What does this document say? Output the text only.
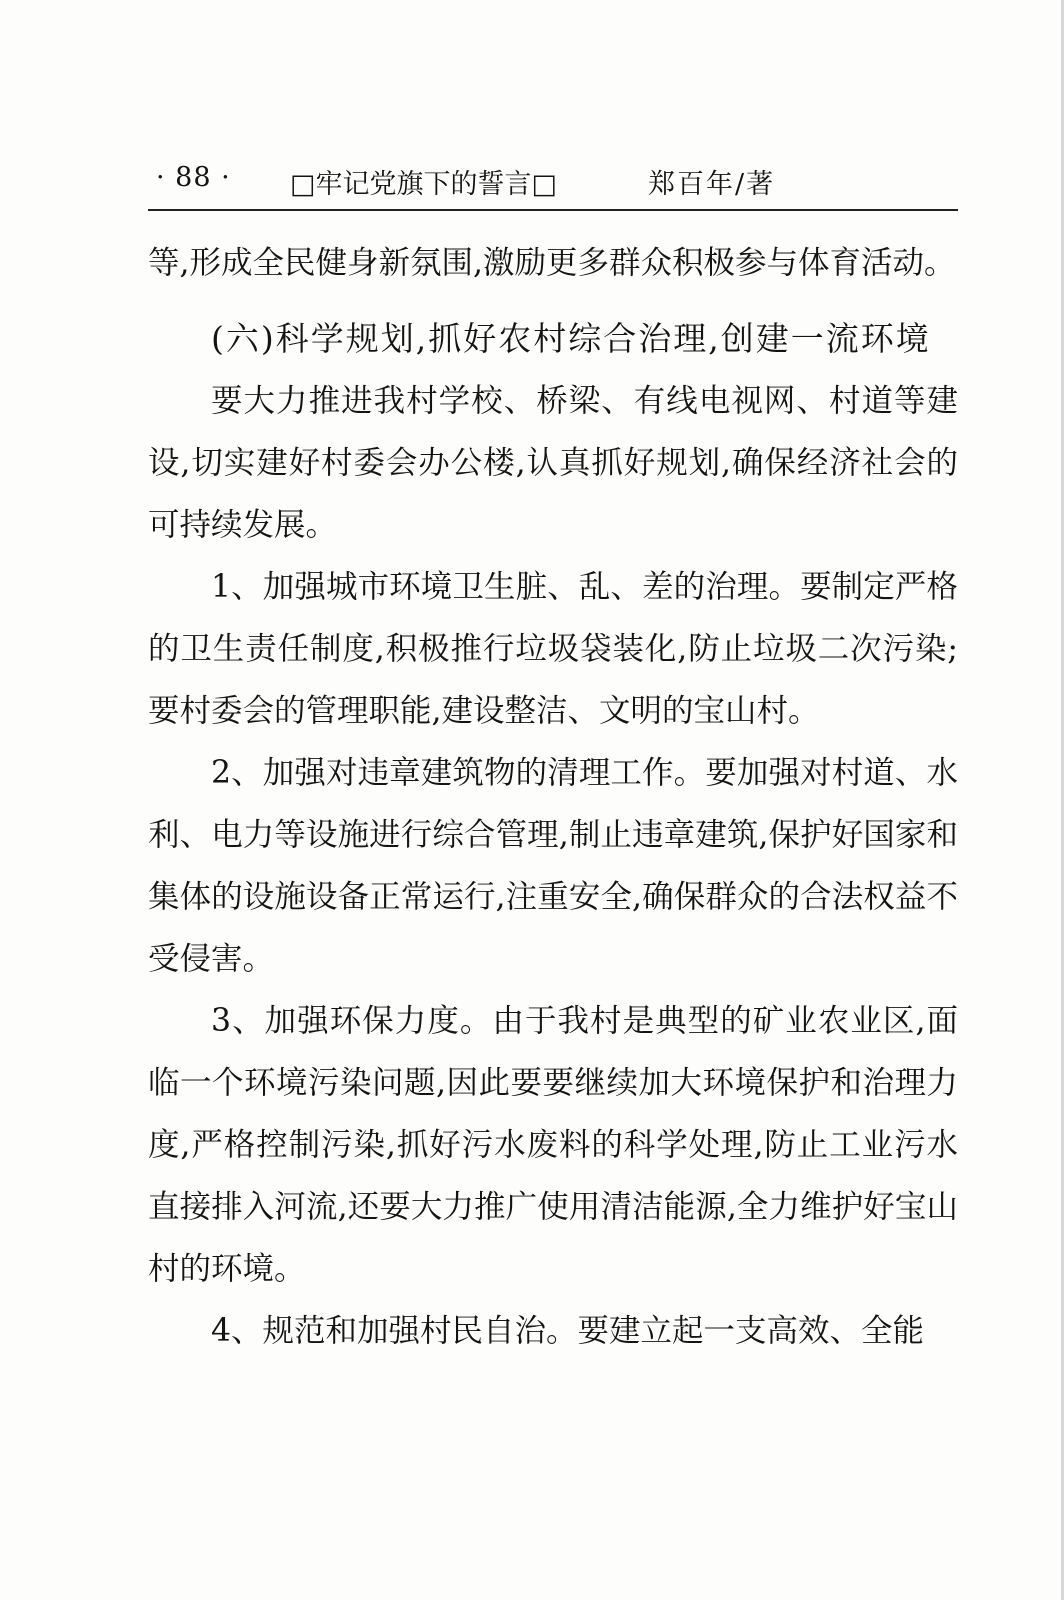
· 88 · □牢记党旗下的誓言□	郑百年/著

等,形成全民健身新氛围,激励更多群众积极参与体育活动。

(六)科学规划,抓好农村综合治理,创建一流环境

要大力推进我村学校、桥梁、有线电视网、村道等建设,切实建好村委会办公楼,认真抓好规划,确保经济社会的可持续发展。

1、加强城市环境卫生脏、乱、差的治理。要制定严格的卫生责任制度,积极推行垃圾袋装化,防止垃圾二次污染;要村委会的管理职能,建设整洁、文明的宝山村。

2、加强对违章建筑物的清理工作。要加强对村道、水利、电力等设施进行综合管理,制止违章建筑,保护好国家和集体的设施设备正常运行,注重安全,确保群众的合法权益不受侵害。

3、加强环保力度。由于我村是典型的矿业农业区,面临一个环境污染问题,因此要要继续加大环境保护和治理力度,严格控制污染,抓好污水废料的科学处理,防止工业污水直接排入河流,还要大力推广使用清洁能源,全力维护好宝山村的环境。

4、规范和加强村民自治。要建立起一支高效、全能
